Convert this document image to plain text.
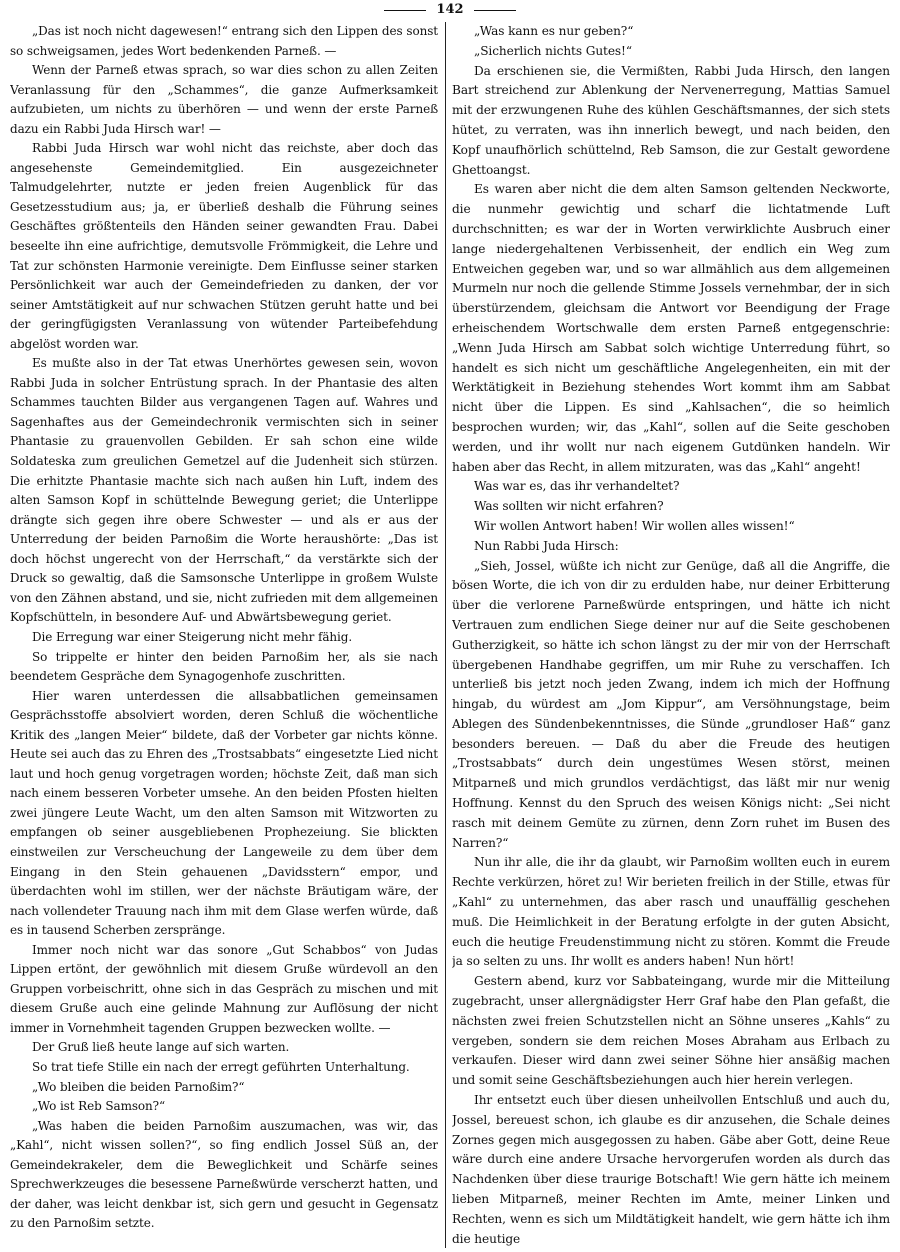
142

„Das ist noch nicht dagewesen!“ entrang sich den Lippen des sonst so schweigsamen, jedes Wort bedenkenden Parneß. —

Wenn der Parneß etwas sprach, so war dies schon zu allen Zeiten Veranlassung für den „Schammes“, die ganze Aufmerksamkeit aufzubieten, um nichts zu überhören — und wenn der erste Parneß dazu ein Rabbi Juda Hirsch war! —

Rabbi Juda Hirsch war wohl nicht das reichste, aber doch das angesehenste Gemeindemitglied. Ein ausgezeichneter Talmudgelehrter, nutzte er jeden freien Augenblick für das Gesetzesstudium aus; ja, er überließ deshalb die Führung seines Geschäftes größtenteils den Händen seiner gewandten Frau. Dabei beseelte ihn eine aufrichtige, demutsvolle Frömmigkeit, die Lehre und Tat zur schönsten Harmonie vereinigte. Dem Einflusse seiner starken Persönlichkeit war auch der Gemeindefrieden zu danken, der vor seiner Amtstätigkeit auf nur schwachen Stützen geruht hatte und bei der geringfügigsten Veranlassung von wütender Parteibefehdung abgelöst worden war.

Es mußte also in der Tat etwas Unerhörtes gewesen sein, wovon Rabbi Juda in solcher Entrüstung sprach. In der Phantasie des alten Schammes tauchten Bilder aus vergangenen Tagen auf. Wahres und Sagenhaftes aus der Gemeindechronik vermischten sich in seiner Phantasie zu grauenvollen Gebilden. Er sah schon eine wilde Soldateska zum greulichen Gemetzel auf die Judenheit sich stürzen. Die erhitzte Phantasie machte sich nach außen hin Luft, indem des alten Samson Kopf in schüttelnde Bewegung geriet; die Unterlippe drängte sich gegen ihre obere Schwester — und als er aus der Unterredung der beiden Parnoßim die Worte heraushörte: „Das ist doch höchst ungerecht von der Herrschaft,“ da verstärkte sich der Druck so gewaltig, daß die Samsonsche Unterlippe in großem Wulste von den Zähnen abstand, und sie, nicht zufrieden mit dem allgemeinen Kopfschütteln, in besondere Auf- und Abwärtsbewegung geriet.

Die Erregung war einer Steigerung nicht mehr fähig.

So trippelte er hinter den beiden Parnoßim her, als sie nach beendetem Gespräche dem Synagogenhofe zuschritten.

Hier waren unterdessen die allsabbatlichen gemeinsamen Gesprächsstoffe absolviert worden, deren Schluß die wöchentliche Kritik des „langen Meier“ bildete, daß der Vorbeter gar nichts könne. Heute sei auch das zu Ehren des „Trostsabbats“ eingesetzte Lied nicht laut und hoch genug vorgetragen worden; höchste Zeit, daß man sich nach einem besseren Vorbeter umsehe. An den beiden Pfosten hielten zwei jüngere Leute Wacht, um den alten Samson mit Witzworten zu empfangen ob seiner ausgebliebenen Prophezeiung. Sie blickten einstweilen zur Verscheuchung der Langeweile zu dem über dem Eingang in den Stein gehauenen „Davidsstern“ empor, und überdachten wohl im stillen, wer der nächste Bräutigam wäre, der nach vollendeter Trauung nach ihm mit dem Glase werfen würde, daß es in tausend Scherben zerspränge.

Immer noch nicht war das sonore „Gut Schabbos“ von Judas Lippen ertönt, der gewöhnlich mit diesem Gruße würdevoll an den Gruppen vorbeischritt, ohne sich in das Gespräch zu mischen und mit diesem Gruße auch eine gelinde Mahnung zur Auflösung der nicht immer in Vornehmheit tagenden Gruppen bezwecken wollte. —

Der Gruß ließ heute lange auf sich warten.

So trat tiefe Stille ein nach der erregt geführten Unterhaltung.

„Wo bleiben die beiden Parnoßim?“

„Wo ist Reb Samson?“

„Was haben die beiden Parnoßim auszumachen, was wir, das „Kahl“, nicht wissen sollen?“, so fing endlich Jossel Süß an, der Gemeindekrakeler, dem die Beweglichkeit und Schärfe seines Sprechwerkzeuges die besessene Parneßwürde verscherzt hatten, und der daher, was leicht denkbar ist, sich gern und gesucht in Gegensatz zu den Parnoßim setzte.

„Was kann es nur geben?“

„Sicherlich nichts Gutes!“

Da erschienen sie, die Vermißten, Rabbi Juda Hirsch, den langen Bart streichend zur Ablenkung der Nervenerregung, Mattias Samuel mit der erzwungenen Ruhe des kühlen Geschäftsmannes, der sich stets hütet, zu verraten, was ihn innerlich bewegt, und nach beiden, den Kopf unaufhörlich schüttelnd, Reb Samson, die zur Gestalt gewordene Ghettoangst.

Es waren aber nicht die dem alten Samson geltenden Neckworte, die nunmehr gewichtig und scharf die lichtatmende Luft durchschnitten; es war der in Worten verwirklichte Ausbruch einer lange niedergehaltenen Verbissenheit, der endlich ein Weg zum Entweichen gegeben war, und so war allmählich aus dem allgemeinen Murmeln nur noch die gellende Stimme Jossels vernehmbar, der in sich überstürzendem, gleichsam die Antwort vor Beendigung der Frage erheischendem Wortschwalle dem ersten Parneß entgegenschrie: „Wenn Juda Hirsch am Sabbat solch wichtige Unterredung führt, so handelt es sich nicht um geschäftliche Angelegenheiten, ein mit der Werktätigkeit in Beziehung stehendes Wort kommt ihm am Sabbat nicht über die Lippen. Es sind „Kahlsachen“, die so heimlich besprochen wurden; wir, das „Kahl“, sollen auf die Seite geschoben werden, und ihr wollt nur nach eigenem Gutdünken handeln. Wir haben aber das Recht, in allem mitzuraten, was das „Kahl“ angeht!

Was war es, das ihr verhandeltet?

Was sollten wir nicht erfahren?

Wir wollen Antwort haben! Wir wollen alles wissen!“

Nun Rabbi Juda Hirsch:

„Sieh, Jossel, wüßte ich nicht zur Genüge, daß all die Angriffe, die bösen Worte, die ich von dir zu erdulden habe, nur deiner Erbitterung über die verlorene Parneßwürde entspringen, und hätte ich nicht Vertrauen zum endlichen Siege deiner nur auf die Seite geschobenen Gutherzigkeit, so hätte ich schon längst zu der mir von der Herrschaft übergebenen Handhabe gegriffen, um mir Ruhe zu verschaffen. Ich unterließ bis jetzt noch jeden Zwang, indem ich mich der Hoffnung hingab, du würdest am „Jom Kippur“, am Versöhnungstage, beim Ablegen des Sündenbekenntnisses, die Sünde „grundloser Haß“ ganz besonders bereuen. — Daß du aber die Freude des heutigen „Trostsabbats“ durch dein ungestümes Wesen störst, meinen Mitparneß und mich grundlos verdächtigst, das läßt mir nur wenig Hoffnung. Kennst du den Spruch des weisen Königs nicht: „Sei nicht rasch mit deinem Gemüte zu zürnen, denn Zorn ruhet im Busen des Narren?“

Nun ihr alle, die ihr da glaubt, wir Parnoßim wollten euch in eurem Rechte verkürzen, höret zu! Wir berieten freilich in der Stille, etwas für „Kahl“ zu unternehmen, das aber rasch und unauffällig geschehen muß. Die Heimlichkeit in der Beratung erfolgte in der guten Absicht, euch die heutige Freudenstimmung nicht zu stören. Kommt die Freude ja so selten zu uns. Ihr wollt es anders haben! Nun hört!

Gestern abend, kurz vor Sabbateingang, wurde mir die Mitteilung zugebracht, unser allergnädigster Herr Graf habe den Plan gefaßt, die nächsten zwei freien Schutzstellen nicht an Söhne unseres „Kahls“ zu vergeben, sondern sie dem reichen Moses Abraham aus Erlbach zu verkaufen. Dieser wird dann zwei seiner Söhne hier ansäßig machen und somit seine Geschäftsbeziehungen auch hier herein verlegen.

Ihr entsetzt euch über diesen unheilvollen Entschluß und auch du, Jossel, bereuest schon, ich glaube es dir anzusehen, die Schale deines Zornes gegen mich ausgegossen zu haben. Gäbe aber Gott, deine Reue wäre durch eine andere Ursache hervorgerufen worden als durch das Nachdenken über diese traurige Botschaft! Wie gern hätte ich meinem lieben Mitparneß, meiner Rechten im Amte, meiner Linken und Rechten, wenn es sich um Mildtätigkeit handelt, wie gern hätte ich ihm die heutige
